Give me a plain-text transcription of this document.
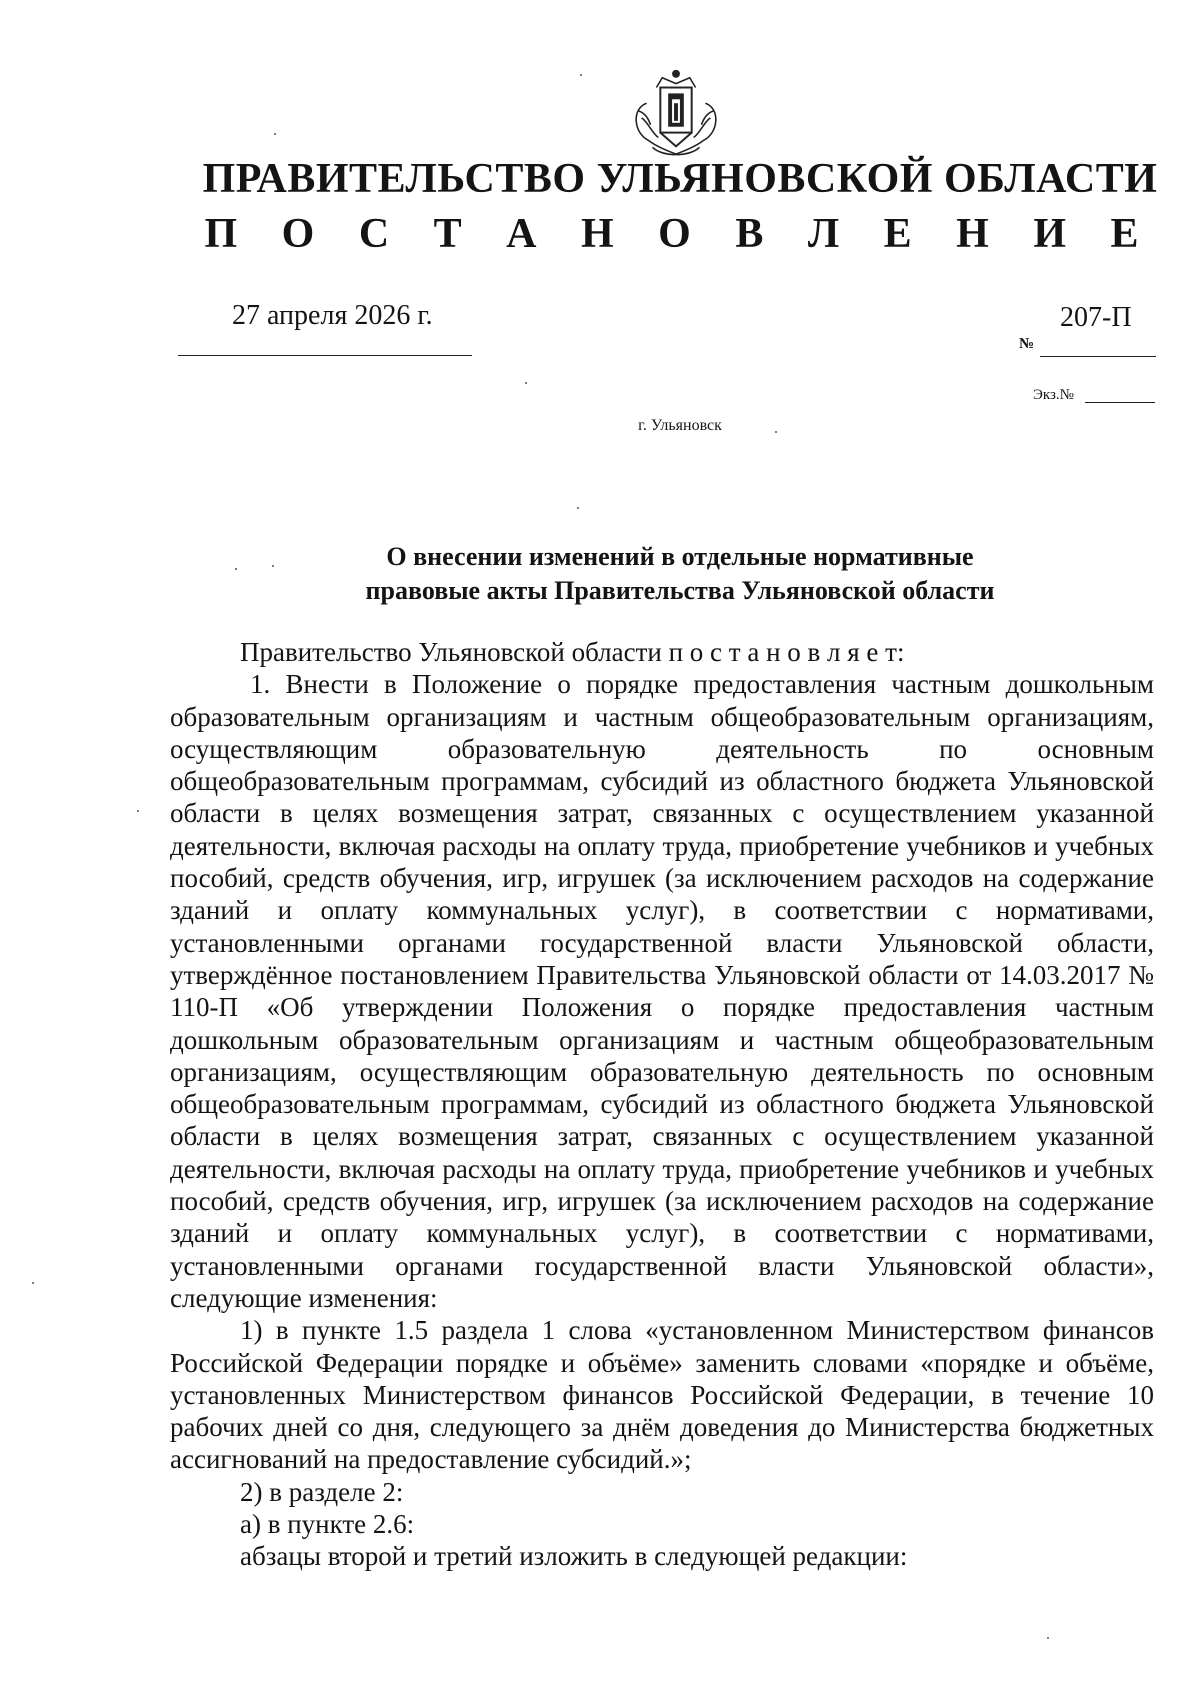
ПРАВИТЕЛЬСТВО УЛЬЯНОВСКОЙ ОБЛАСТИ
П О С Т А Н О В Л Е Н И Е
27 апреля 2026 г.	207-П
№
Экз.№
г. Ульяновск
О внесении изменений в отдельные нормативные
правовые акты Правительства Ульяновской области

Правительство Ульяновской области п о с т а н о в л я е т:

1. Внести в Положение о порядке предоставления частным дошкольным образовательным организациям и частным общеобразовательным организациям, осуществляющим образовательную деятельность по основным общеобразовательным программам, субсидий из областного бюджета Ульяновской области в целях возмещения затрат, связанных с осуществлением указанной деятельности, включая расходы на оплату труда, приобретение учебников и учебных пособий, средств обучения, игр, игрушек (за исключением расходов на содержание зданий и оплату коммунальных услуг), в соответствии с нормативами, установленными органами государственной власти Ульяновской области, утверждённое постановлением Правительства Ульяновской области от 14.03.2017 № 110-П «Об утверждении Положения о порядке предоставления частным дошкольным образовательным организациям и частным общеобразовательным организациям, осуществляющим образовательную деятельность по основным общеобразовательным программам, субсидий из областного бюджета Ульяновской области в целях возмещения затрат, связанных с осуществлением указанной деятельности, включая расходы на оплату труда, приобретение учебников и учебных пособий, средств обучения, игр, игрушек (за исключением расходов на содержание зданий и оплату коммунальных услуг), в соответствии с нормативами, установленными органами государственной власти Ульяновской области», следующие изменения:

1) в пункте 1.5 раздела 1 слова «установленном Министерством финансов Российской Федерации порядке и объёме» заменить словами «порядке и объёме, установленных Министерством финансов Российской Федерации, в течение 10 рабочих дней со дня, следующего за днём доведения до Министерства бюджетных ассигнований на предоставление субсидий.»;

2) в разделе 2:

а) в пункте 2.6:

абзацы второй и третий изложить в следующей редакции:
